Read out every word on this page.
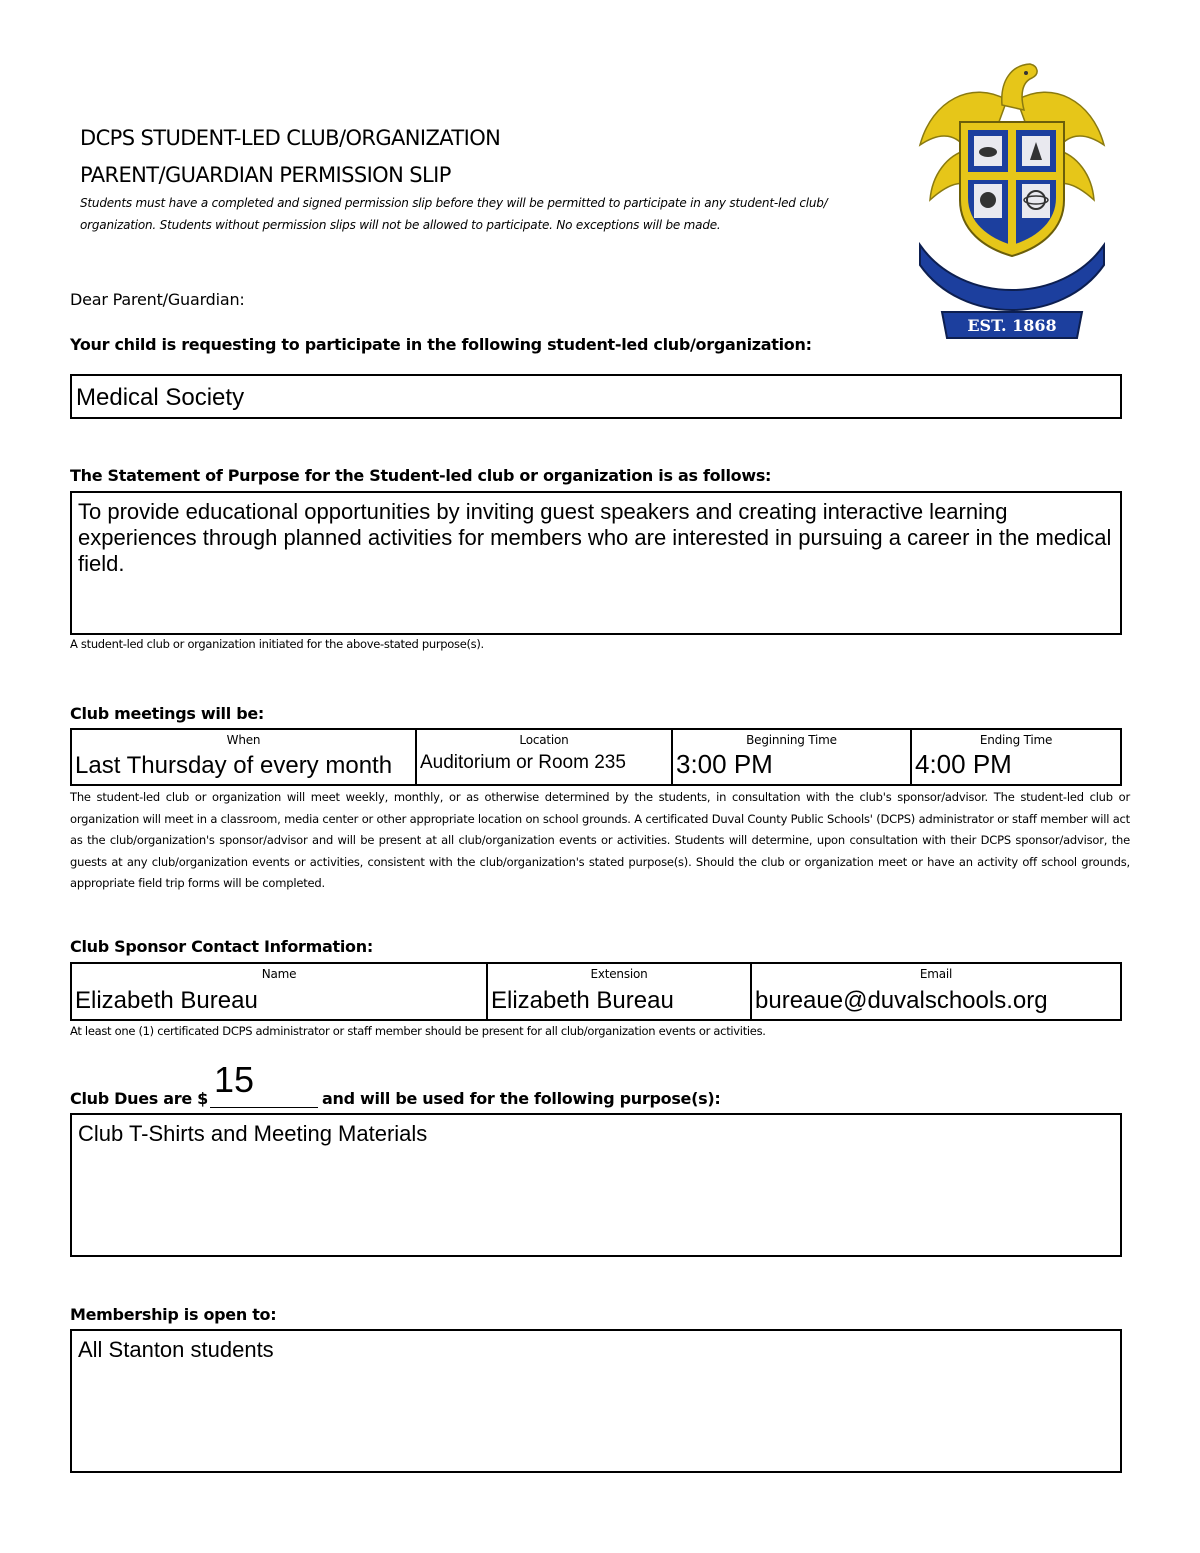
DCPS STUDENT-LED CLUB/ORGANIZATION
PARENT/GUARDIAN PERMISSION SLIP
Students must have a completed and signed permission slip before they will be permitted to participate in any student-led club/ organization. Students without permission slips will not be allowed to participate. No exceptions will be made.
OLLEGE PREPARATO
EST. 1868
Dear Parent/Guardian:
Your child is requesting to participate in the following student-led club/organization:
Medical Society
The Statement of Purpose for the Student-led club or organization is as follows:
To provide educational opportunities by inviting guest speakers and creating interactive learning experiences through planned activities for members who are interested in pursuing a career in the medical field.
A student-led club or organization initiated for the above-stated purpose(s).
Club meetings will be:
When
Last Thursday of every month
Location
Auditorium or Room 235
Beginning Time
3:00 PM
Ending Time
4:00 PM
The student-led club or organization will meet weekly, monthly, or as otherwise determined by the students, in consultation with the club's sponsor/advisor. The student-led club or organization will meet in a classroom, media center or other appropriate location on school grounds. A certificated Duval County Public Schools' (DCPS) administrator or staff member will act as the club/organization's sponsor/advisor and will be present at all club/organization events or activities. Students will determine, upon consultation with their DCPS sponsor/advisor, the guests at any club/organization events or activities, consistent with the club/organization's stated purpose(s). Should the club or organization meet or have an activity off school grounds, appropriate field trip forms will be completed.
Club Sponsor Contact Information:
Name
Elizabeth Bureau
Extension
Elizabeth Bureau
Email
bureaue@duvalschools.org
At least one (1) certificated DCPS administrator or staff member should be present for all club/organization events or activities.
Club Dues are $ 15	and will be used for the following purpose(s):
Club T-Shirts and Meeting Materials
Membership is open to:
All Stanton students
